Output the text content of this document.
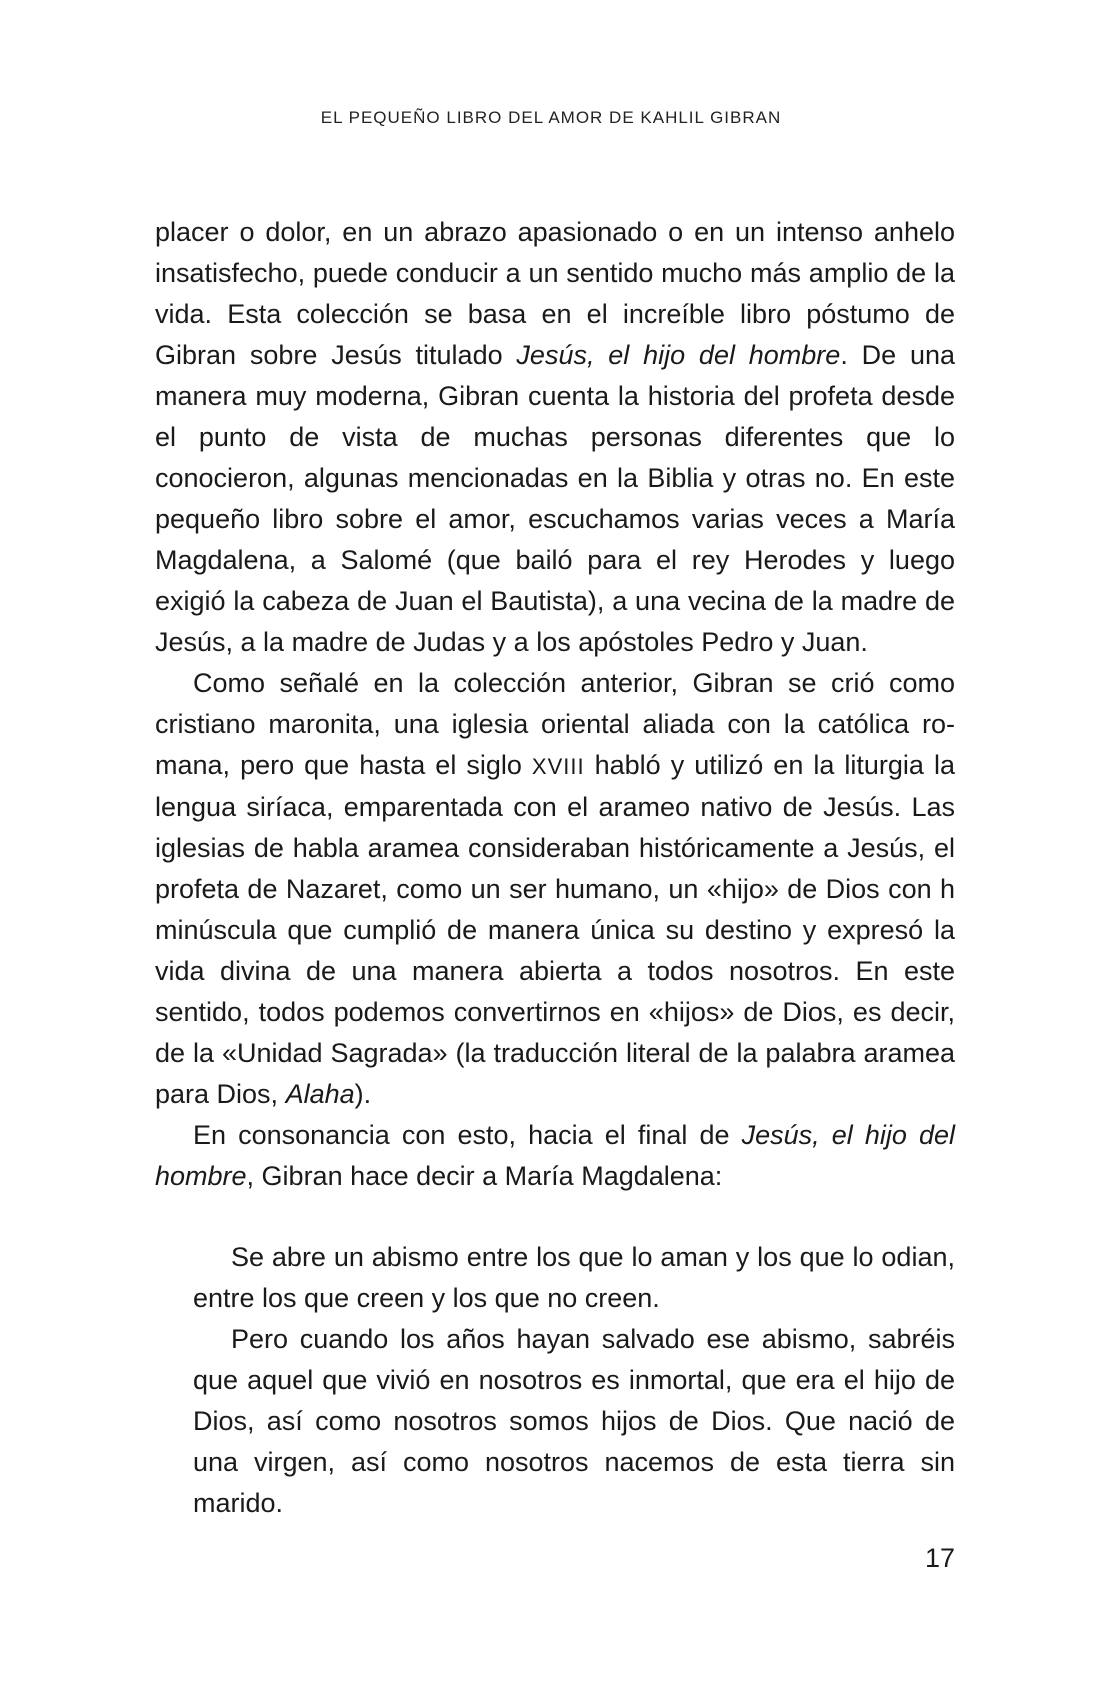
EL PEQUEÑO LIBRO DEL AMOR DE KAHLIL GIBRAN

placer o dolor, en un abrazo apasionado o en un intenso anhelo insatisfecho, puede conducir a un sentido mucho más amplio de la vida. Esta colección se basa en el increíble libro póstumo de Gibran sobre Jesús titulado Jesús, el hijo del hombre. De una manera muy moderna, Gibran cuenta la historia del profeta desde el punto de vista de muchas personas diferentes que lo conocieron, algunas mencionadas en la Biblia y otras no. En este pequeño libro sobre el amor, escuchamos varias veces a María Magdalena, a Salomé (que bailó para el rey Herodes y luego exigió la cabeza de Juan el Bautista), a una vecina de la madre de Jesús, a la madre de Judas y a los apóstoles Pedro y Juan.

Como señalé en la colección anterior, Gibran se crió como cristiano maronita, una iglesia oriental aliada con la católica romana, pero que hasta el siglo XVIII habló y utilizó en la liturgia la lengua siríaca, emparentada con el arameo nativo de Jesús. Las iglesias de habla aramea consideraban históricamente a Jesús, el profeta de Nazaret, como un ser humano, un «hijo» de Dios con h minúscula que cumplió de manera única su destino y expresó la vida divina de una manera abierta a todos nosotros. En este sentido, todos podemos convertirnos en «hijos» de Dios, es decir, de la «Unidad Sagrada» (la traducción literal de la palabra aramea para Dios, Alaha).

En consonancia con esto, hacia el final de Jesús, el hijo del hombre, Gibran hace decir a María Magdalena:

Se abre un abismo entre los que lo aman y los que lo odian, entre los que creen y los que no creen.

Pero cuando los años hayan salvado ese abismo, sabréis que aquel que vivió en nosotros es inmortal, que era el hijo de Dios, así como nosotros somos hijos de Dios. Que nació de una virgen, así como nosotros nacemos de esta tierra sin marido.

17
